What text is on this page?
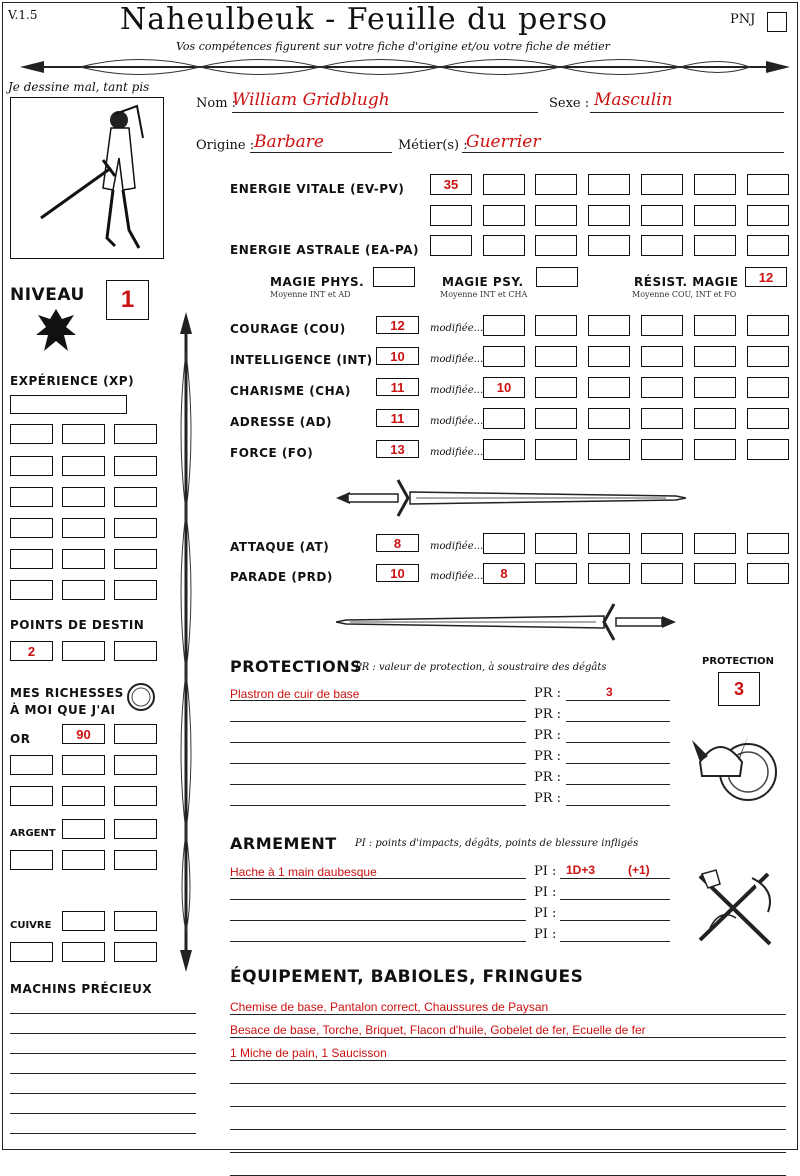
V.1.5	Naheulbeuk - Feuille du perso	PNJ
Vos compétences figurent sur votre fiche d'origine et/ou votre fiche de métier
Je dessine mal, tant pis
Nom :
William Gridblugh	Sexe : Masculin
Origine : Barbare	Métier(s) :
Guerrier
ENERGIE VITALE (EV-PV)	35
ENERGIE ASTRALE (EA-PA)
MAGIE PHYS.
Moyenne INT et AD
MAGIE PSY.
Moyenne INT et CHA
RÉSIST. MAGIE
Moyenne COU, INT et FO
12
NIVEAU	1
EXPÉRIENCE (XP)
POINTS DE DESTIN
2
MES RICHESSES
À MOI QUE J'AI
OR	90
ARGENT
CUIVRE
MACHINS PRÉCIEUX
COURAGE (COU)	12	modifiée...
INTELLIGENCE (INT)	10	modifiée...
CHARISME (CHA)	11	modifiée...	10
ADRESSE (AD)	11	modifiée...
FORCE (FO)	13	modifiée...
ATTAQUE (AT)	8	modifiée...
PARADE (PRD)	10	modifiée...	8
PROTECTIONS
PR : valeur de protection, à soustraire des dégâts
PROTECTION
3
Plastron de cuir de base	PR :	3
PR :
PR :
PR :
PR :
PR :
ARMEMENT PI : points d'impacts, dégâts, points de blessure infligés
Hache à 1 main daubesque	PI : 1D+3	(+1)
PI :
PI :
PI :
ÉQUIPEMENT, BABIOLES, FRINGUES
Chemise de base, Pantalon correct, Chaussures de Paysan
Besace de base, Torche, Briquet, Flacon d'huile, Gobelet de fer, Ecuelle de fer
1 Miche de pain, 1 Saucisson
